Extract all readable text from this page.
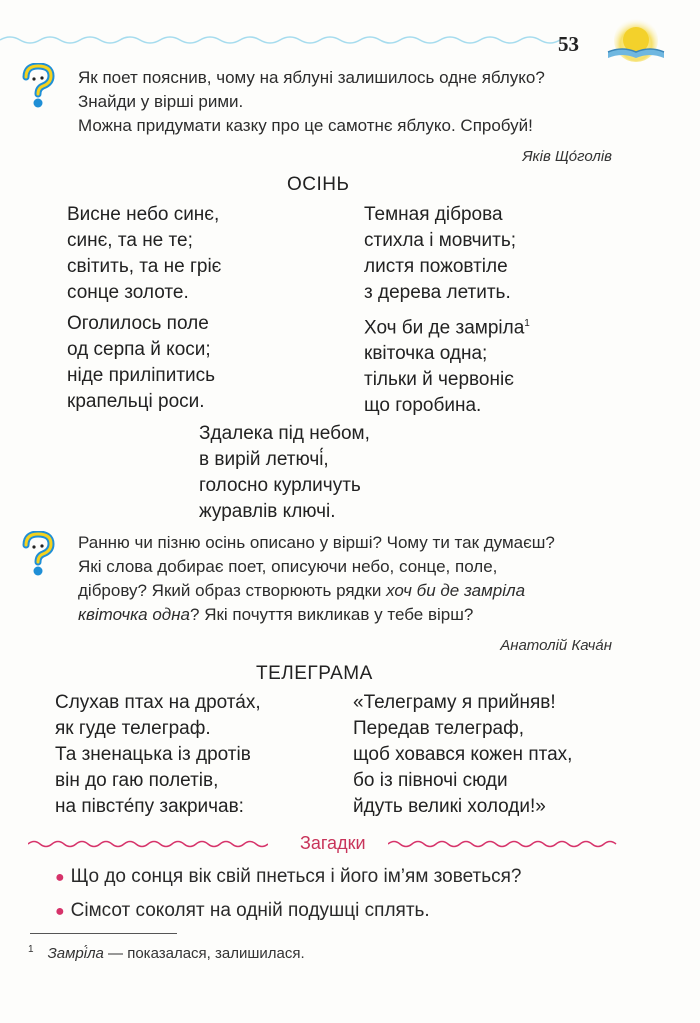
53
Як поет пояснив, чому на яблуні залишилось одне яблуко?
Знайди у вірші рими.
Можна придумати казку про це самотнє яблуко. Спробуй!
Яків Що́голів
ОСІНЬ
Висне небо синє,
синє, та не те;
світить, та не гріє
сонце золоте.
Темная діброва
стихла і мовчить;
листя пожовтіле
з дерева летить.
Оголилось поле
од серпа й коси;
ніде приліпитись
крапельці роси.
Хоч би де замріла$^1$
квіточка одна;
тільки й червоніє
що горобина.
Здалека під небом,
в вирій летючі́,
голосно курличуть
журавлів ключі.
Ранню чи пізню осінь описано у вірші? Чому ти так думаєш?
Які слова добирає поет, описуючи небо, сонце, поле,
діброву? Який образ створюють рядки хоч би де замріла
квіточка одна? Які почуття викликав у тебе вірш?
Анатолій Кача́н
ТЕЛЕГРАМА
Слухав птах на дрота́х,
як гуде телеграф.
Та зненацька із дротів
він до гаю полетів,
на півсте́пу закричав:
«Телеграму я прийняв!
Передав телеграф,
щоб ховався кожен птах,
бо із півночі сюди
йдуть великі холоди!»
Загадки
● Що до сонця вік свій пнеться і його ім’ям зоветься?
● Сімсот соколят на одній подушці сплять.
$^1$ Замрі́ла — показалася, залишилася.
